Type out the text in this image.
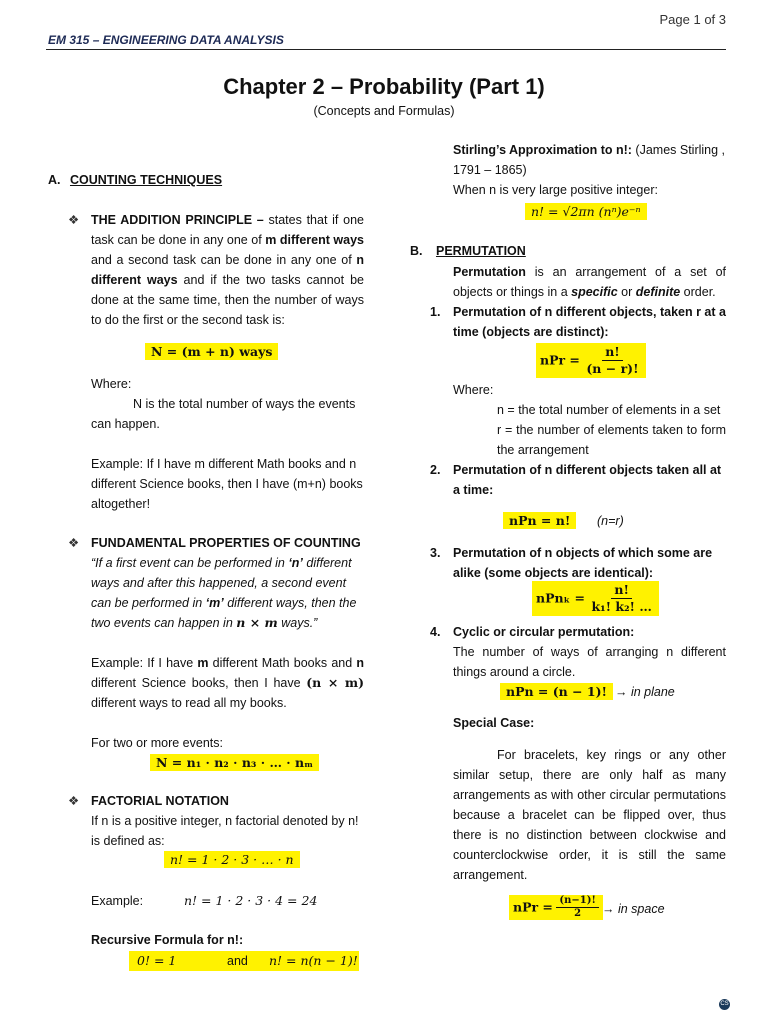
Page 1 of 3
EM 315 – ENGINEERING DATA ANALYSIS
Chapter 2 – Probability (Part 1)
(Concepts and Formulas)
A. COUNTING TECHNIQUES
❖ THE ADDITION PRINCIPLE – states that if one task can be done in any one of m different ways and a second task can be done in any one of n different ways and if the two tasks cannot be done at the same time, then the number of ways to do the first or the second task is:
N = (m + n) ways
Where:
N is the total number of ways the events can happen.
Example: If I have m different Math books and n different Science books, then I have (m+n) books altogether!
❖ FUNDAMENTAL PROPERTIES OF COUNTING
“If a first event can be performed in ‘n’ different ways and after this happened, a second event can be performed in ‘m’ different ways, then the two events can happen in n × m ways.”
Example: If I have m different Math books and n different Science books, then I have (n × m) different ways to read all my books.
For two or more events:
N = n₁ · n₂ · n₃ · … · nₘ
❖ FACTORIAL NOTATION
If n is a positive integer, n factorial denoted by n! is defined as:
n! = 1 · 2 · 3 · … · n
Example:	n! = 1 · 2 · 3 · 4 = 24
Recursive Formula for n!:
0! = 1	and n! = n(n − 1)!
Stirling’s Approximation to n!: (James Stirling , 1791 – 1865)
When n is very large positive integer:
n! = √2πn (nⁿ)e⁻ⁿ
B. PERMUTATION
Permutation is an arrangement of a set of objects or things in a specific or definite order.
1. Permutation of n different objects, taken r at a time (objects are distinct):
nPr = $\frac{n!}{(n - r)!}$
Where:
n = the total number of elements in a set
r = the number of elements taken to form the arrangement
2. Permutation of n different objects taken all at a time:
nPn = n!	(n=r)
3. Permutation of n objects of which some are alike (some objects are identical):
$nPn_k = \frac{n!}{\text{k₁! k₂! …}}$
4. Cyclic or circular permutation:
The number of ways of arranging n different things around a circle.
nPn = (n − 1)! → in plane
Special Case:
For bracelets, key rings or any other similar setup, there are only half as many arrangements as with other circular permutations because a bracelet can be flipped over, thus there is no distinction between clockwise and counterclockwise order, it is still the same arrangement.
nPr = $\frac{(n-1)!}{2}$ → in space
CS
